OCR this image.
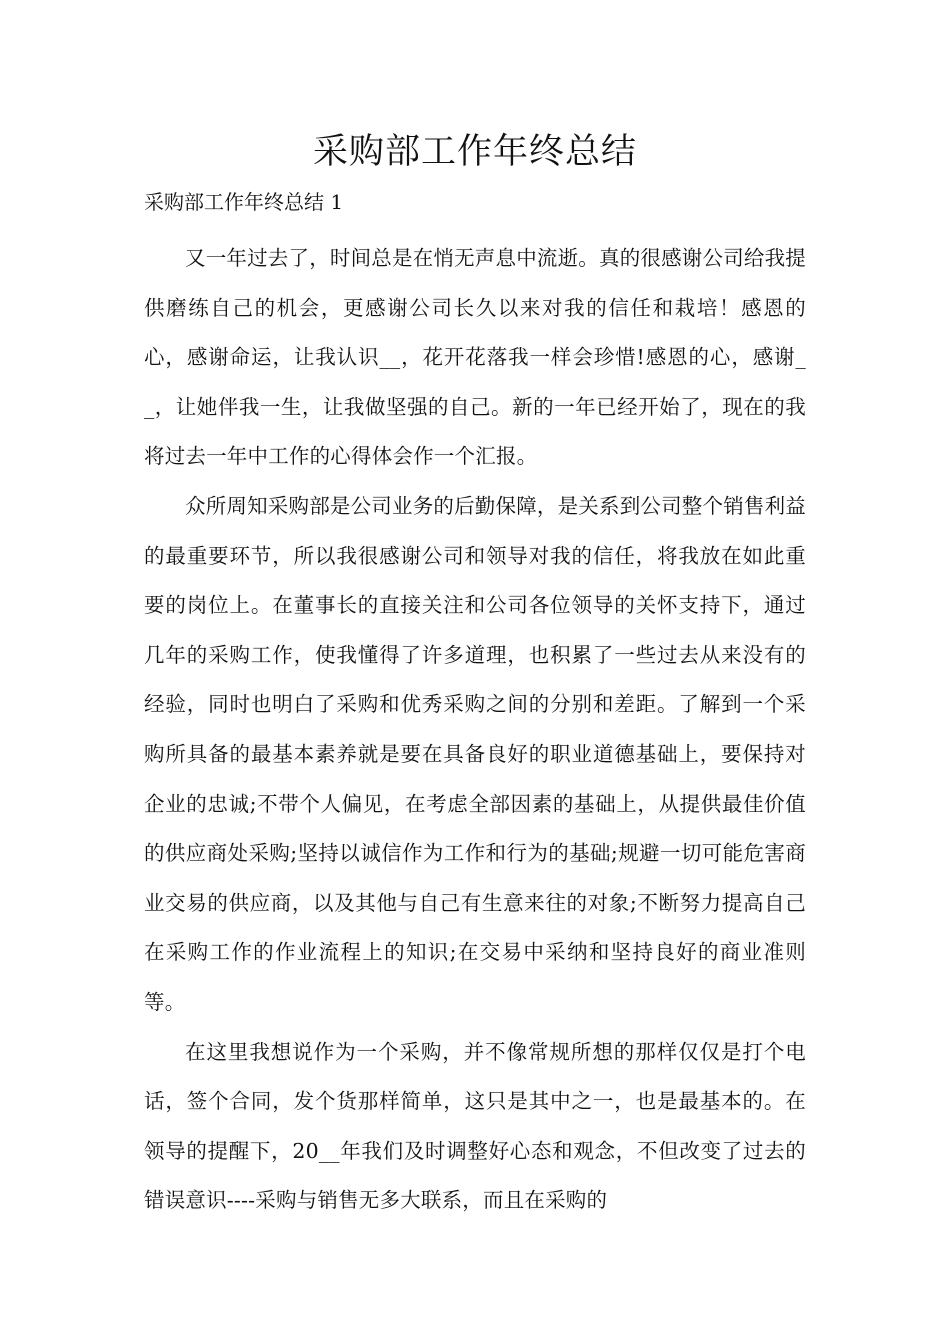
采购部工作年终总结
采购部工作年终总结 1

又一年过去了，时间总是在悄无声息中流逝。真的很感谢公司给我提供磨练自己的机会，更感谢公司长久以来对我的信任和栽培！感恩的心，感谢命运，让我认识__，花开花落我一样会珍惜!感恩的心，感谢__，让她伴我一生，让我做坚强的自己。新的一年已经开始了，现在的我将过去一年中工作的心得体会作一个汇报。

众所周知采购部是公司业务的后勤保障，是关系到公司整个销售利益的最重要环节，所以我很感谢公司和领导对我的信任，将我放在如此重要的岗位上。在董事长的直接关注和公司各位领导的关怀支持下，通过几年的采购工作，使我懂得了许多道理，也积累了一些过去从来没有的经验，同时也明白了采购和优秀采购之间的分别和差距。了解到一个采购所具备的最基本素养就是要在具备良好的职业道德基础上，要保持对企业的忠诚;不带个人偏见，在考虑全部因素的基础上，从提供最佳价值的供应商处采购;坚持以诚信作为工作和行为的基础;规避一切可能危害商业交易的供应商，以及其他与自己有生意来往的对象;不断努力提高自己在采购工作的作业流程上的知识;在交易中采纳和坚持良好的商业准则等。

在这里我想说作为一个采购，并不像常规所想的那样仅仅是打个电话，签个合同，发个货那样简单，这只是其中之一，也是最基本的。在领导的提醒下，20__年我们及时调整好心态和观念，不但改变了过去的错误意识----采购与销售无多大联系，而且在采购的
